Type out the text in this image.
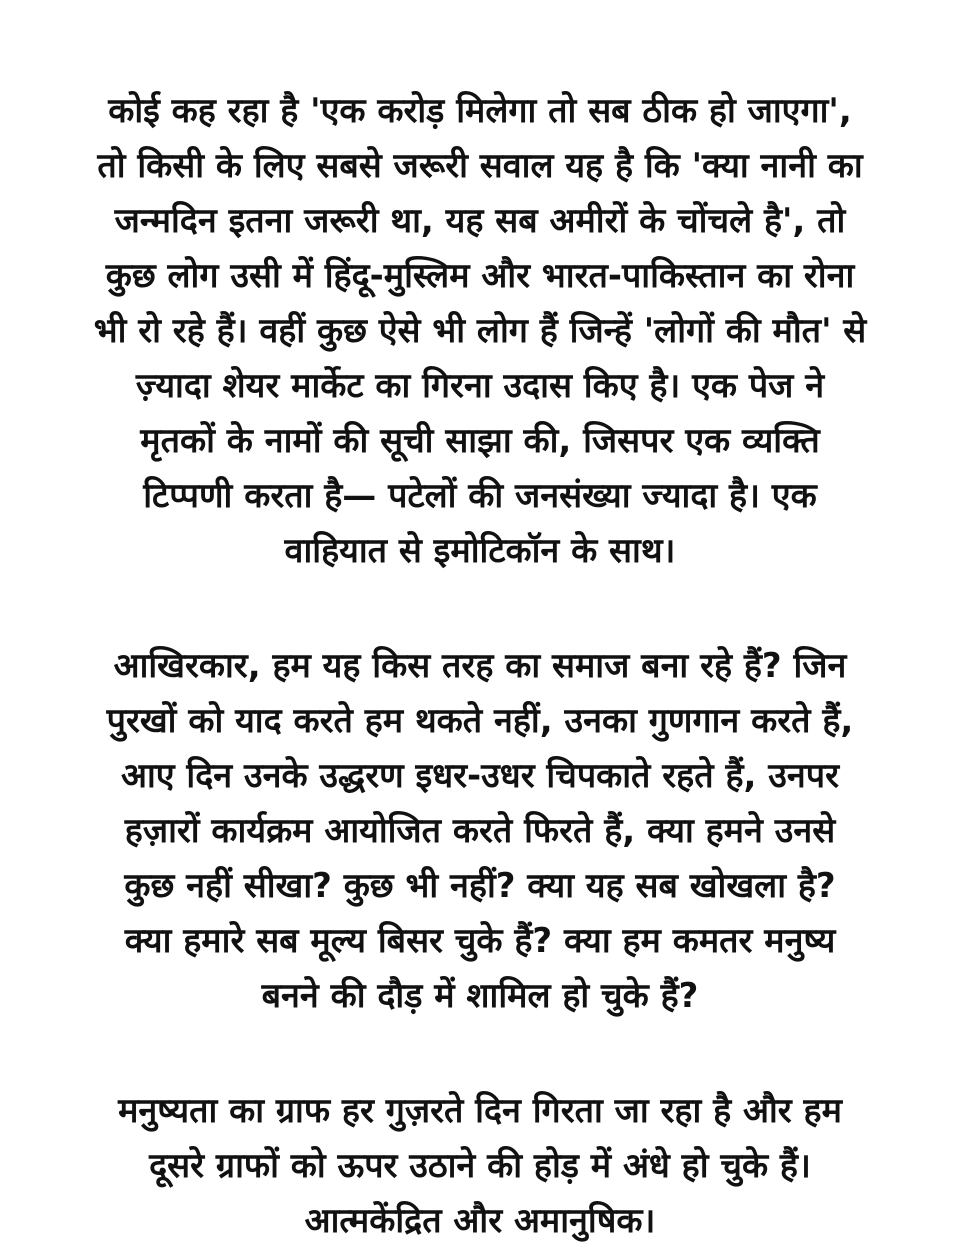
कोई कह रहा है 'एक करोड़ मिलेगा तो सब ठीक हो जाएगा',
तो किसी के लिए सबसे जरूरी सवाल यह है कि 'क्या नानी का
जन्मदिन इतना जरूरी था, यह सब अमीरों के चोंचले है', तो
कुछ लोग उसी में हिंदू-मुस्लिम और भारत-पाकिस्तान का रोना
भी रो रहे हैं। वहीं कुछ ऐसे भी लोग हैं जिन्हें 'लोगों की मौत' से
ज़्यादा शेयर मार्केट का गिरना उदास किए है। एक पेज ने
मृतकों के नामों की सूची साझा की, जिसपर एक व्यक्ति
टिप्पणी करता है— पटेलों की जनसंख्या ज्यादा है। एक
वाहियात से इमोटिकॉन के साथ।
आखिरकार, हम यह किस तरह का समाज बना रहे हैं? जिन
पुरखों को याद करते हम थकते नहीं, उनका गुणगान करते हैं,
आए दिन उनके उद्धरण इधर-उधर चिपकाते रहते हैं, उनपर
हज़ारों कार्यक्रम आयोजित करते फिरते हैं, क्या हमने उनसे
कुछ नहीं सीखा? कुछ भी नहीं? क्या यह सब खोखला है?
क्या हमारे सब मूल्य बिसर चुके हैं? क्या हम कमतर मनुष्य
बनने की दौड़ में शामिल हो चुके हैं?
मनुष्यता का ग्राफ हर गुज़रते दिन गिरता जा रहा है और हम
दूसरे ग्राफों को ऊपर उठाने की होड़ में अंधे हो चुके हैं।
आत्मकेंद्रित और अमानुषिक।
